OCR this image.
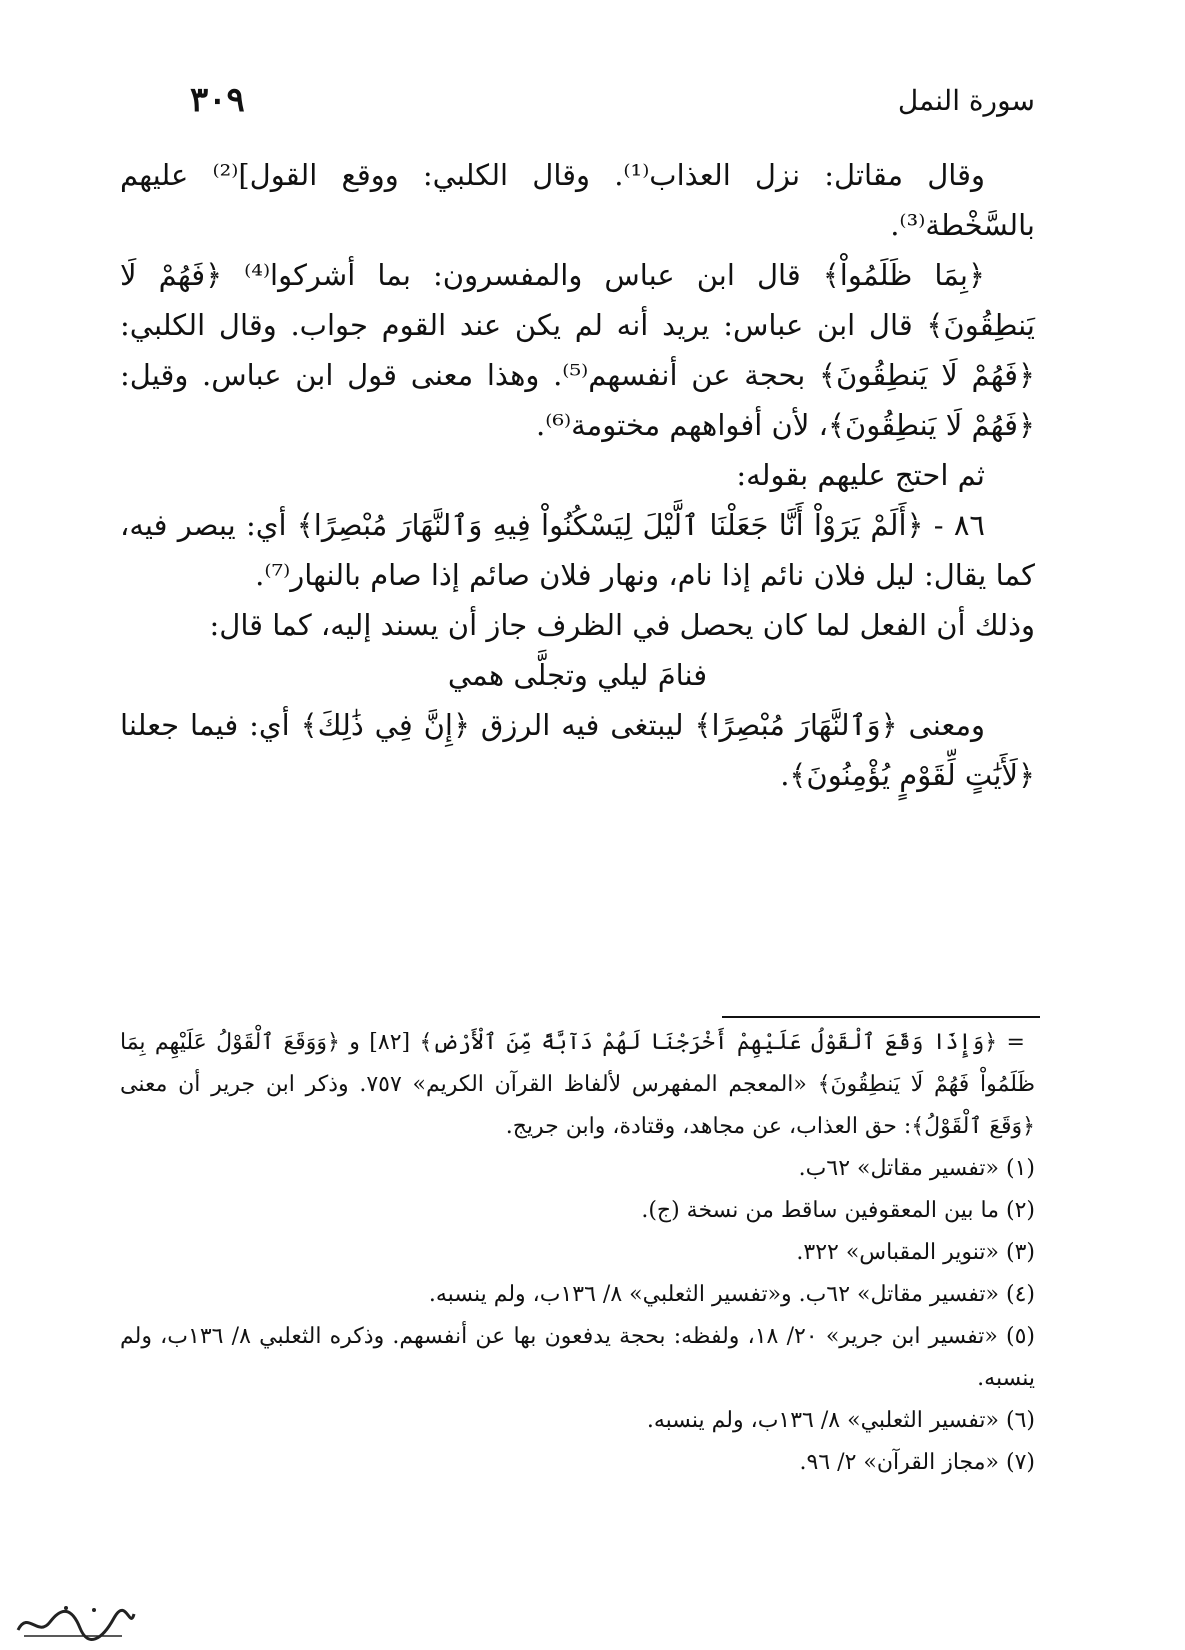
٣٠٩	سورة النمل

وقال مقاتل: نزل العذاب⁽¹⁾. وقال الكلبي: ووقع القول]⁽²⁾ عليهم بالسَّخْطة⁽³⁾.

﴿بِمَا ظَلَمُواْ﴾ قال ابن عباس والمفسرون: بما أشركوا⁽⁴⁾ ﴿فَهُمْ لَا يَنطِقُونَ﴾ قال ابن عباس: يريد أنه لم يكن عند القوم جواب. وقال الكلبي: ﴿فَهُمْ لَا يَنطِقُونَ﴾ بحجة عن أنفسهم⁽⁵⁾. وهذا معنى قول ابن عباس. وقيل: ﴿فَهُمْ لَا يَنطِقُونَ﴾، لأن أفواههم مختومة⁽⁶⁾.

ثم احتج عليهم بقوله:

٨٦ - ﴿أَلَمْ يَرَوْاْ أَنَّا جَعَلْنَا ٱلَّيْلَ لِيَسْكُنُواْ فِيهِ وَٱلنَّهَارَ مُبْصِرًا﴾ أي: يبصر فيه، كما يقال: ليل فلان نائم إذا نام، ونهار فلان صائم إذا صام بالنهار⁽⁷⁾.

وذلك أن الفعل لما كان يحصل في الظرف جاز أن يسند إليه، كما قال:

فنامَ ليلي وتجلَّى همي

ومعنى ﴿وَٱلنَّهَارَ مُبْصِرًا﴾ ليبتغى فيه الرزق ﴿إِنَّ فِي ذَٰلِكَ﴾ أي: فيما جعلنا ﴿لَأَيَٰتٍ لِّقَوْمٍ يُؤْمِنُونَ﴾.

= ﴿وَإِذَا وَقَعَ ٱلْقَوْلُ عَلَيْهِمْ أَخْرَجْنَا لَهُمْ دَآبَّةً مِّنَ ٱلْأَرْضِ﴾ [٨٢] و ﴿وَوَقَعَ ٱلْقَوْلُ عَلَيْهِم بِمَا ظَلَمُواْ فَهُمْ لَا يَنطِقُونَ﴾ «المعجم المفهرس لألفاظ القرآن الكريم» ٧٥٧. وذكر ابن جرير أن معنى ﴿وَقَعَ ٱلْقَوْلُ﴾: حق العذاب، عن مجاهد، وقتادة، وابن جريج.

(١) «تفسير مقاتل» ٦٢ب.

(٢) ما بين المعقوفين ساقط من نسخة (ج).

(٣) «تنوير المقباس» ٣٢٢.

(٤) «تفسير مقاتل» ٦٢ب. و«تفسير الثعلبي» ٨/ ١٣٦ب، ولم ينسبه.

(٥) «تفسير ابن جرير» ٢٠/ ١٨، ولفظه: بحجة يدفعون بها عن أنفسهم. وذكره الثعلبي ٨/ ١٣٦ب، ولم ينسبه.

(٦) «تفسير الثعلبي» ٨/ ١٣٦ب، ولم ينسبه.

(٧) «مجاز القرآن» ٢/ ٩٦.
